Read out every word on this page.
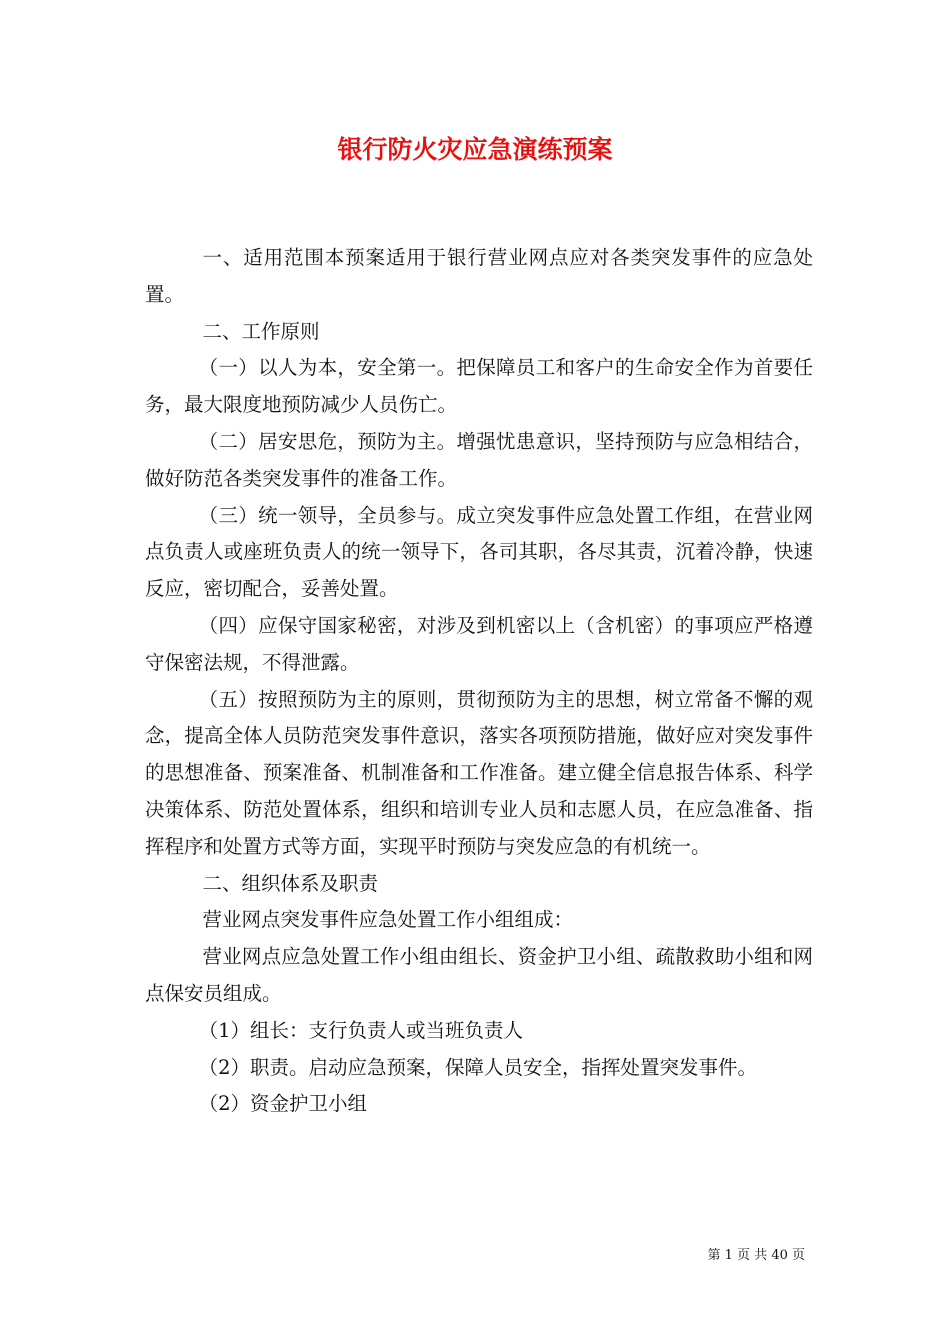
银行防火灾应急演练预案

一、适用范围本预案适用于银行营业网点应对各类突发事件的应急处置。

二、工作原则

（一）以人为本，安全第一。把保障员工和客户的生命安全作为首要任务，最大限度地预防减少人员伤亡。

（二）居安思危，预防为主。增强忧患意识，坚持预防与应急相结合，做好防范各类突发事件的准备工作。

（三）统一领导，全员参与。成立突发事件应急处置工作组，在营业网点负责人或座班负责人的统一领导下，各司其职，各尽其责，沉着冷静，快速反应，密切配合，妥善处置。

（四）应保守国家秘密，对涉及到机密以上（含机密）的事项应严格遵守保密法规，不得泄露。

（五）按照预防为主的原则，贯彻预防为主的思想，树立常备不懈的观念，提高全体人员防范突发事件意识，落实各项预防措施，做好应对突发事件的思想准备、预案准备、机制准备和工作准备。建立健全信息报告体系、科学决策体系、防范处置体系，组织和培训专业人员和志愿人员，在应急准备、指挥程序和处置方式等方面，实现平时预防与突发应急的有机统一。

二、组织体系及职责

营业网点突发事件应急处置工作小组组成：

营业网点应急处置工作小组由组长、资金护卫小组、疏散救助小组和网点保安员组成。

（1）组长：支行负责人或当班负责人

（2）职责。启动应急预案，保障人员安全，指挥处置突发事件。

（2）资金护卫小组

第 1 页 共 40 页
